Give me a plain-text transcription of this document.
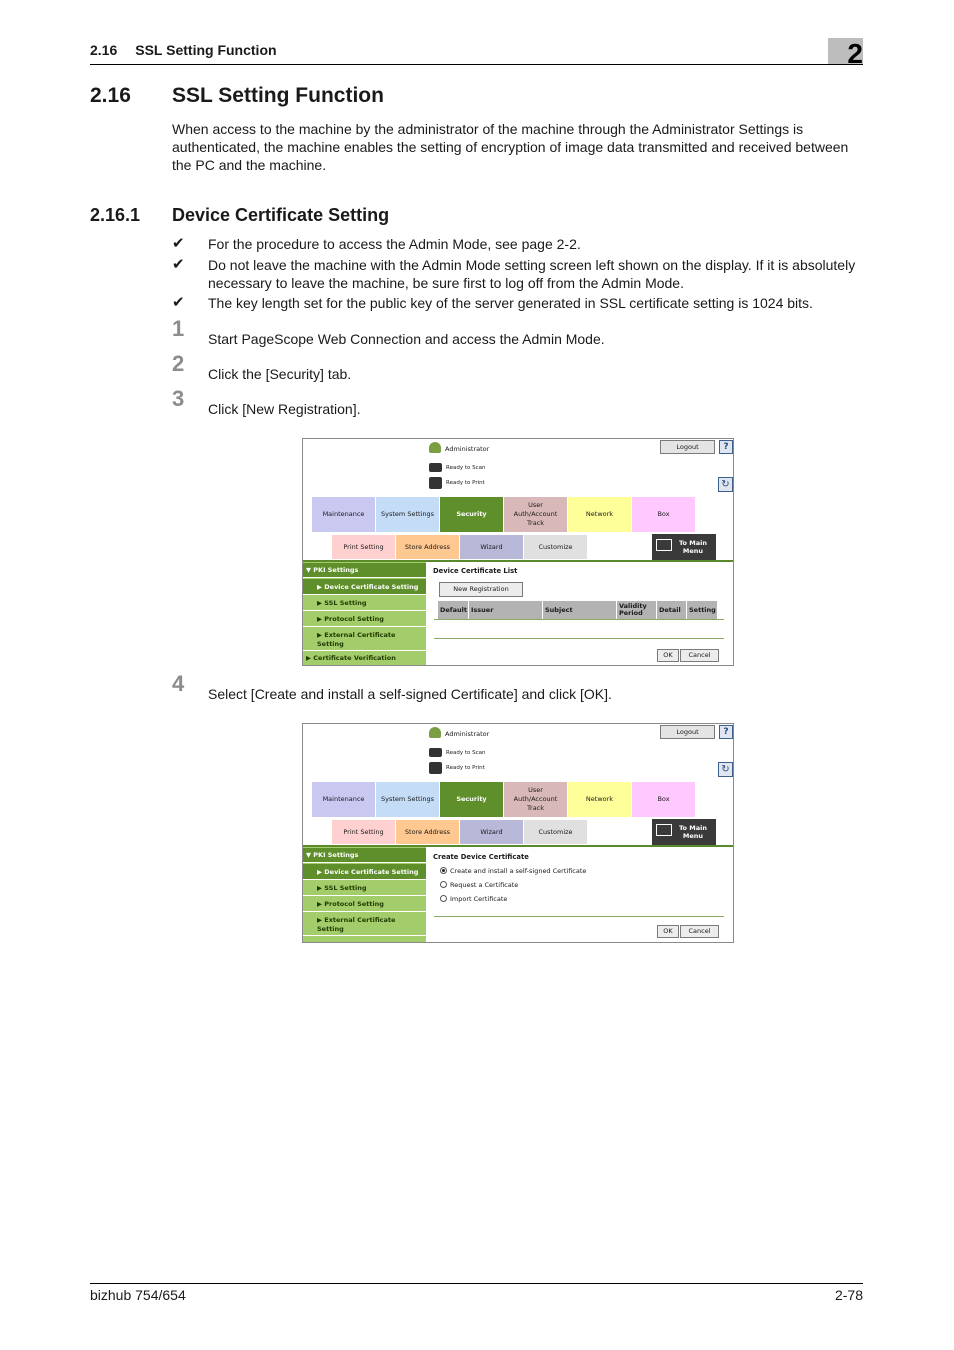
2.16 SSL Setting Function	2
2.16 SSL Setting Function
When access to the machine by the administrator of the machine through the Administrator Settings is authenticated, the machine enables the setting of encryption of image data transmitted and received between the PC and the machine.
2.16.1 Device Certificate Setting
✔ For the procedure to access the Admin Mode, see page 2-2.
✔ Do not leave the machine with the Admin Mode setting screen left shown on the display. If it is absolutely necessary to leave the machine, be sure first to log off from the Admin Mode.
✔ The key length set for the public key of the server generated in SSL certificate setting is 1024 bits.
1 Start PageScope Web Connection and access the Admin Mode.
2 Click the [Security] tab.
3 Click [New Registration].
Administrator	Logout	?
Ready to Scan
Ready to Print	↻
Maintenance	System Settings	Security
User Auth/Account Track
Network	Box
Print Setting	Store Address	Wizard	Customize	To Main Menu
▼ PKI Settings
▶ Device Certificate Setting
▶ SSL Setting
▶ Protocol Setting
▶ External Certificate Setting
▶ Certificate Verification
Device Certificate List
New Registration
Default Issuer	Subject	Validity Period	Detail	Setting
OK	Cancel
4 Select [Create and install a self-signed Certificate] and click [OK].
Administrator	Logout	?
Ready to Scan
Ready to Print	↻
Maintenance	System Settings	Security
User Auth/Account Track
Network	Box
Print Setting	Store Address	Wizard	Customize	To Main Menu
▼ PKI Settings
▶ Device Certificate Setting
▶ SSL Setting
▶ Protocol Setting
▶ External Certificate Setting
Create Device Certificate
Create and install a self-signed Certificate
Request a Certificate
Import Certificate
OK	Cancel
bizhub 754/654	2-78
